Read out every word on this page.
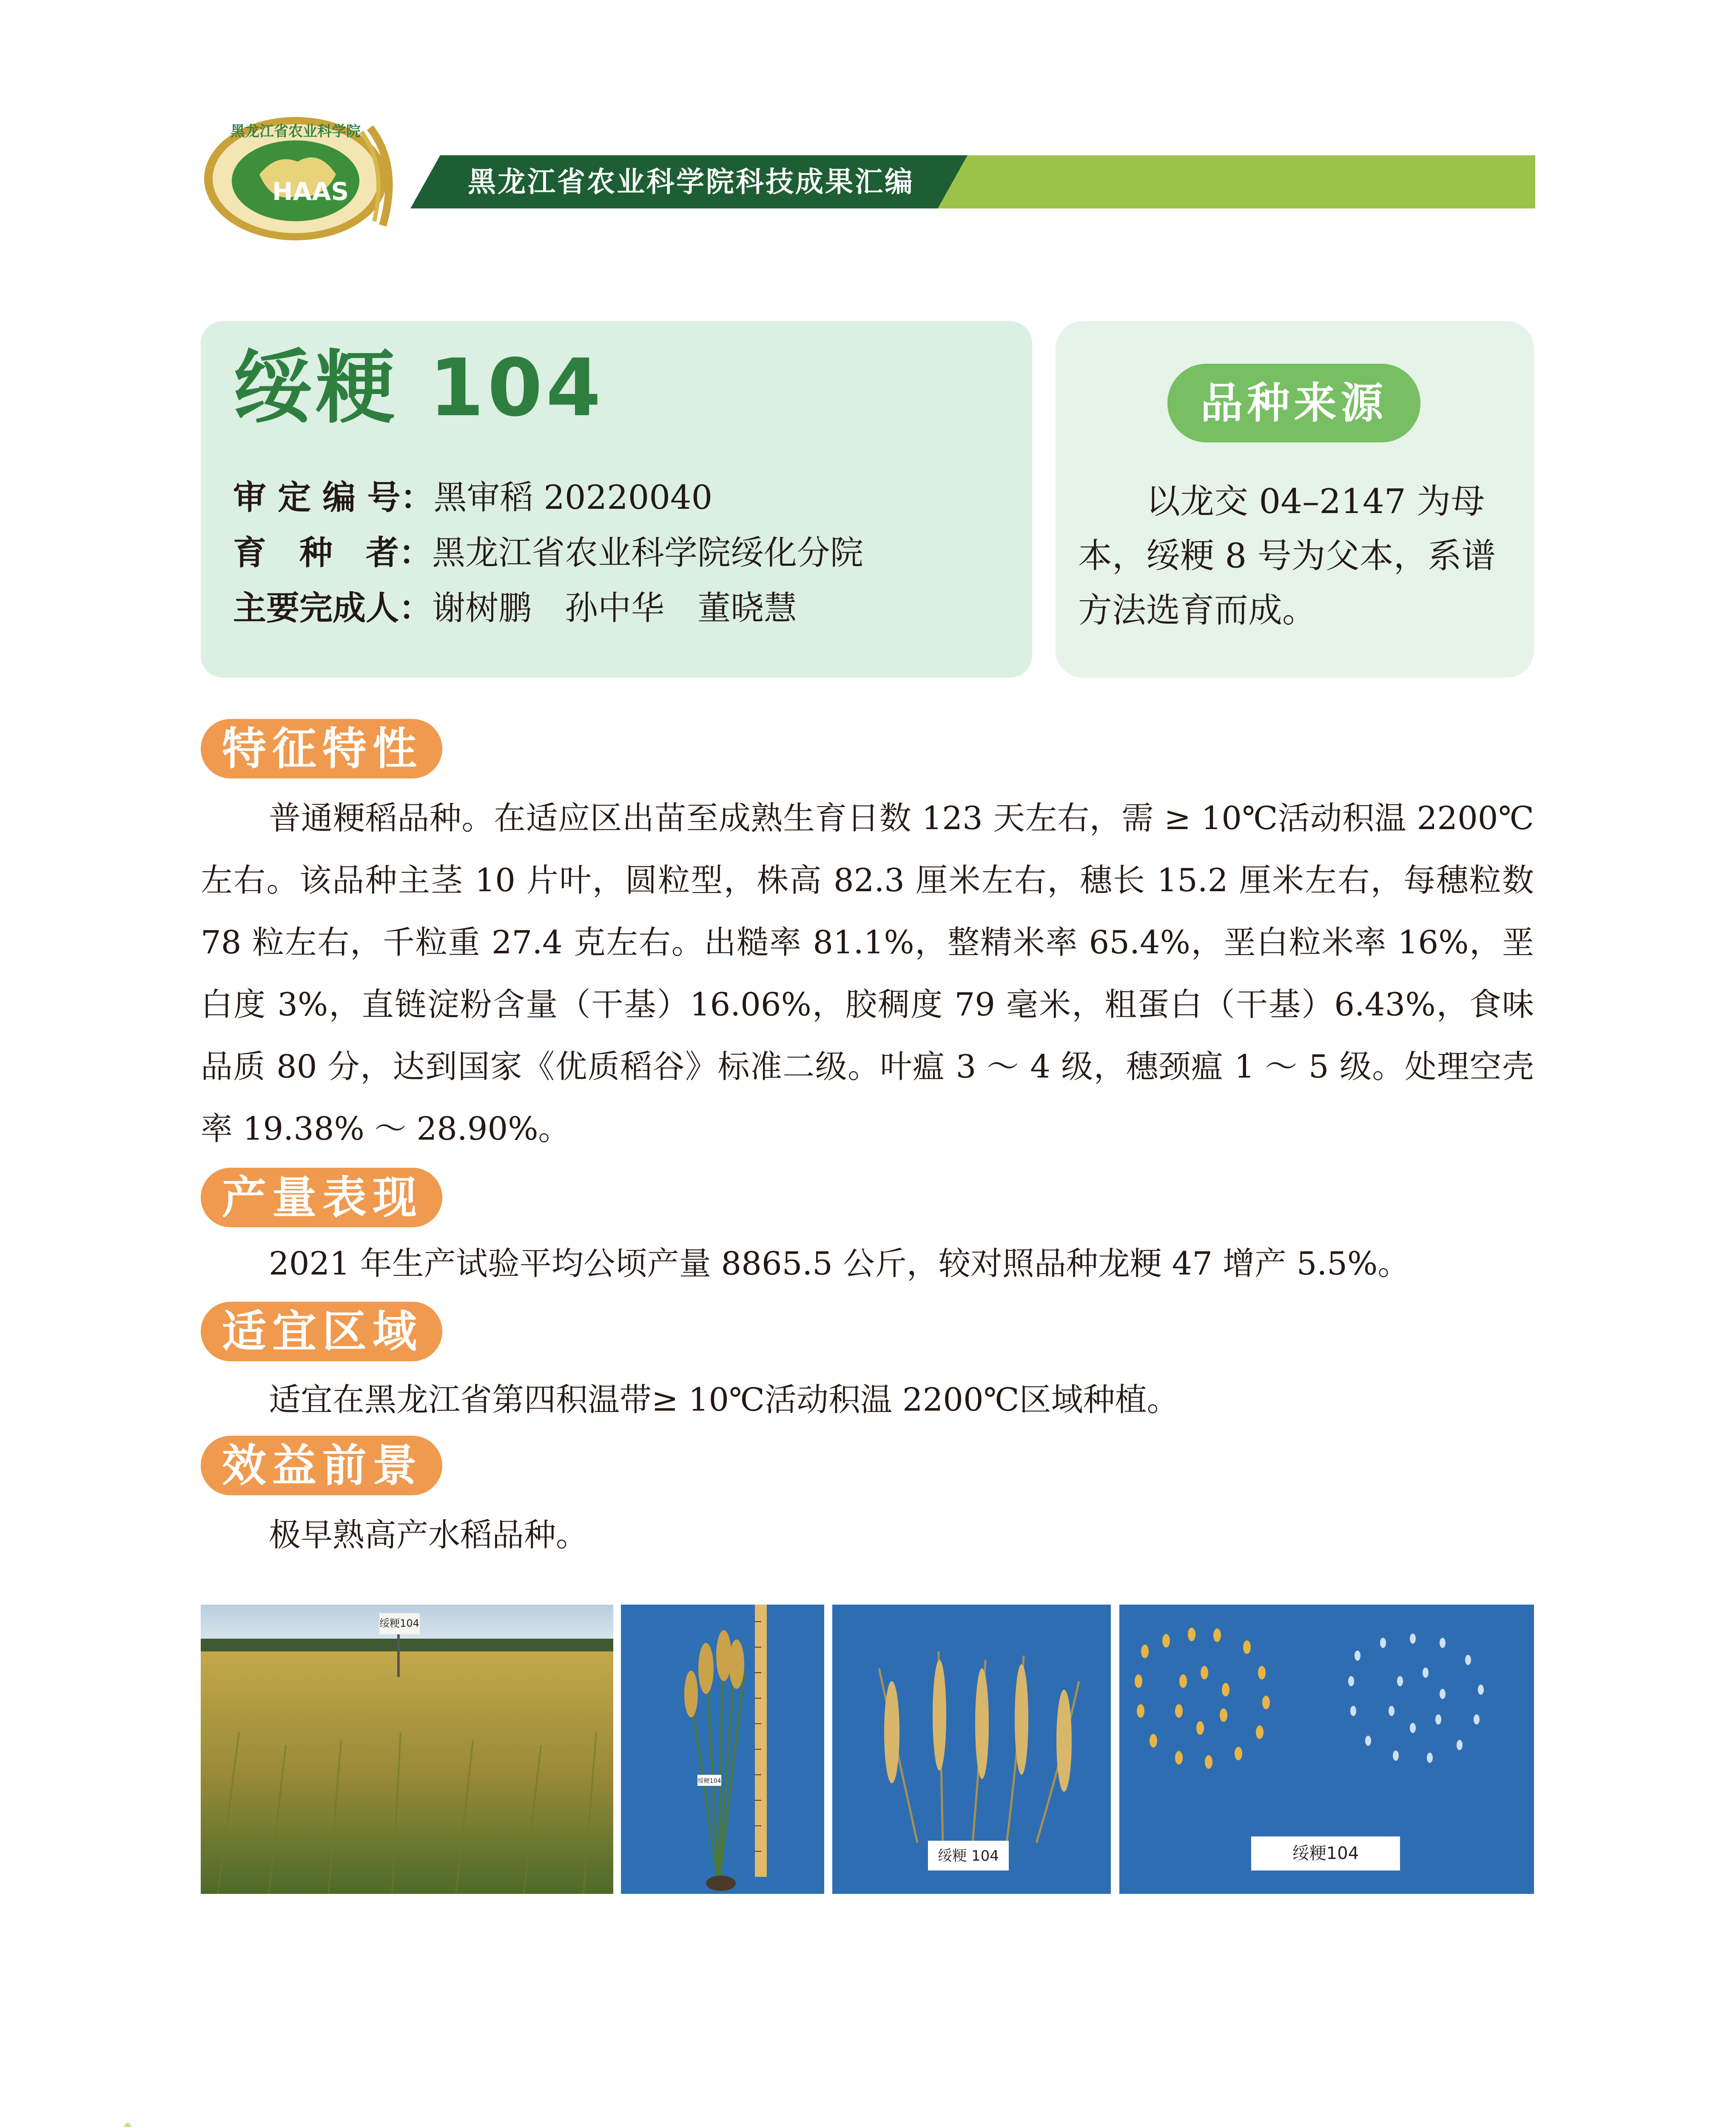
黑龙江省农业科学院
HAAS	黑龙江省农业科学院科技成果汇编
绥粳 104
审 定 编 号：黑审稻 20220040
育　种　者：黑龙江省农业科学院绥化分院
主要完成人：谢树鹏　孙中华　董晓慧
品种来源
以龙交 04–2147 为母本，绥粳 8 号为父本，系谱方法选育而成。
特征特性
普通粳稻品种。在适应区出苗至成熟生育日数 123 天左右，需 ≥ 10℃活动积温 2200℃左右。该品种主茎 10 片叶，圆粒型，株高 82.3 厘米左右，穗长 15.2 厘米左右，每穗粒数 78 粒左右，千粒重 27.4 克左右。出糙率 81.1%，整精米率 65.4%，垩白粒米率 16%，垩白度 3%，直链淀粉含量（干基）16.06%，胶稠度 79 毫米，粗蛋白（干基）6.43%，食味品质 80 分，达到国家《优质稻谷》标准二级。叶瘟 3 ～ 4 级，穗颈瘟 1 ～ 5 级。处理空壳率 19.38% ～ 28.90%。
产量表现
2021 年生产试验平均公顷产量 8865.5 公斤，较对照品种龙粳 47 增产 5.5%。
适宜区域
适宜在黑龙江省第四积温带≥ 10℃活动积温 2200℃区域种植。
效益前景
极早熟高产水稻品种。
绥粳104
绥粳104
绥粳 104	绥粳104
